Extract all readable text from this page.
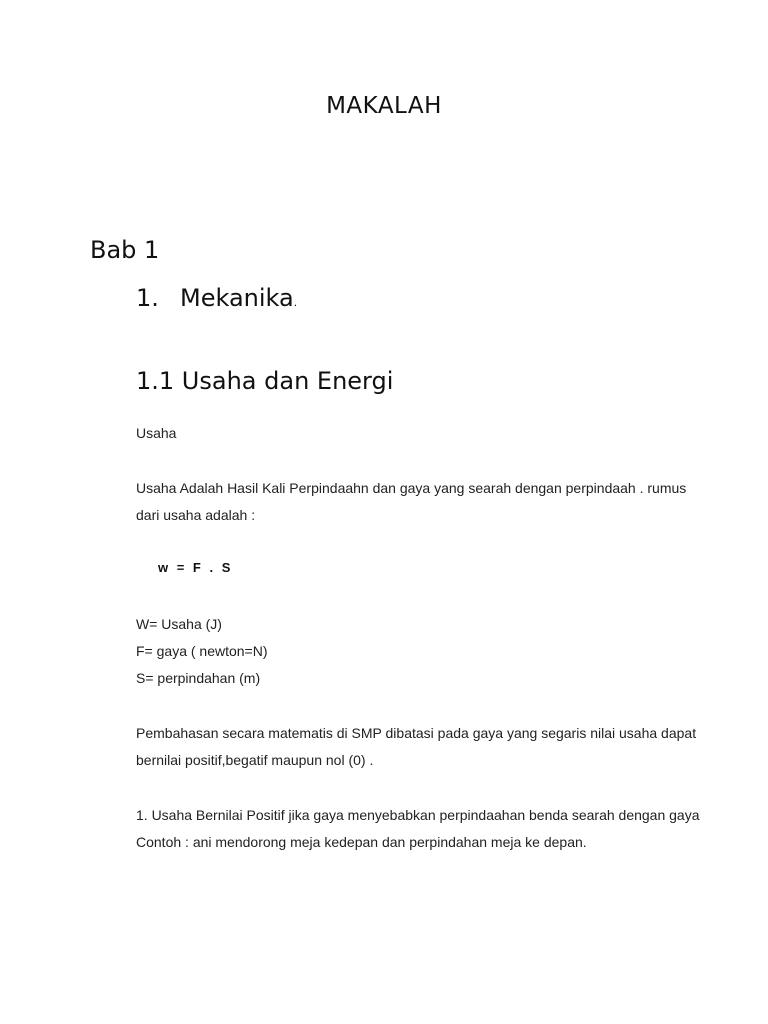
MAKALAH
Bab 1
1. Mekanika.
1.1 Usaha dan Energi
Usaha
Usaha Adalah Hasil Kali Perpindaahn dan gaya yang searah dengan perpindaah . rumus
dari usaha adalah :
w = F . S
W= Usaha (J)
F= gaya ( newton=N)
S= perpindahan (m)
Pembahasan secara matematis di SMP dibatasi pada gaya yang segaris nilai usaha dapat
bernilai positif,begatif maupun nol (0) .
1. Usaha Bernilai Positif jika gaya menyebabkan perpindaahan benda searah dengan gaya
Contoh : ani mendorong meja kedepan dan perpindahan meja ke depan.
